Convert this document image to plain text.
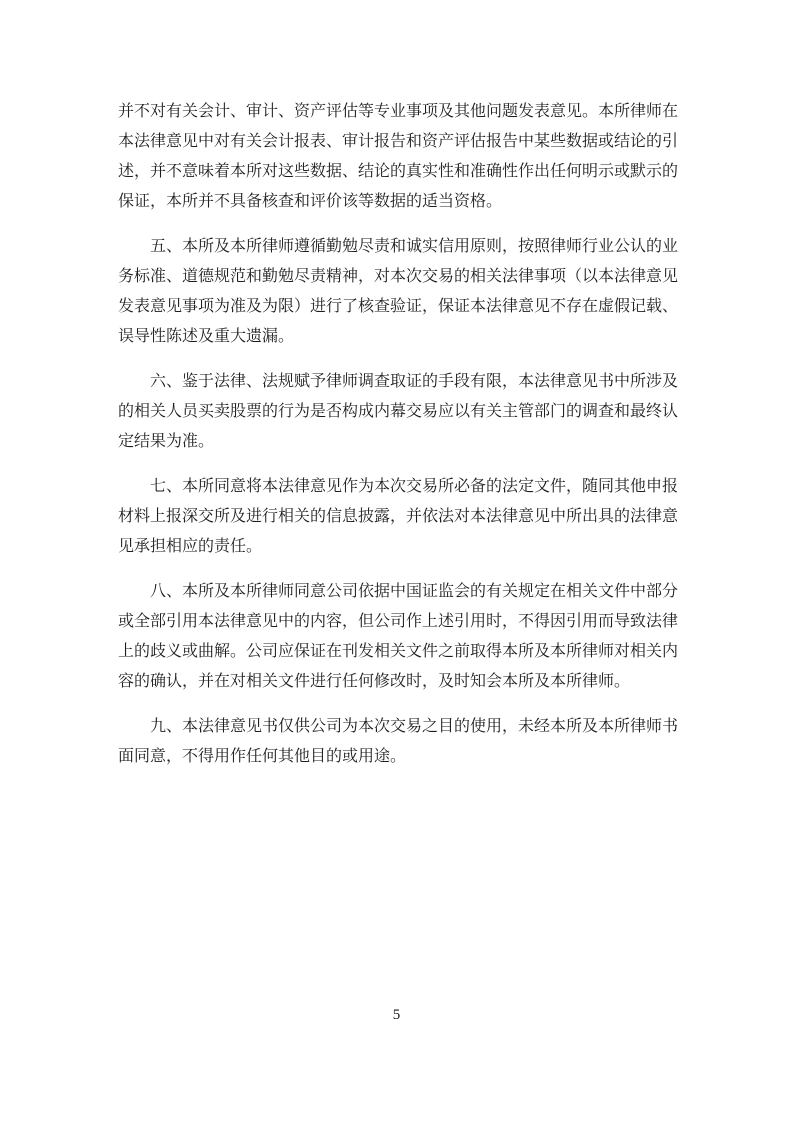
并不对有关会计、审计、资产评估等专业事项及其他问题发表意见。本所律师在本法律意见中对有关会计报表、审计报告和资产评估报告中某些数据或结论的引述，并不意味着本所对这些数据、结论的真实性和准确性作出任何明示或默示的保证，本所并不具备核查和评价该等数据的适当资格。

五、本所及本所律师遵循勤勉尽责和诚实信用原则，按照律师行业公认的业务标准、道德规范和勤勉尽责精神，对本次交易的相关法律事项（以本法律意见发表意见事项为准及为限）进行了核查验证，保证本法律意见不存在虚假记载、误导性陈述及重大遗漏。

六、鉴于法律、法规赋予律师调查取证的手段有限，本法律意见书中所涉及的相关人员买卖股票的行为是否构成内幕交易应以有关主管部门的调查和最终认定结果为准。

七、本所同意将本法律意见作为本次交易所必备的法定文件，随同其他申报材料上报深交所及进行相关的信息披露，并依法对本法律意见中所出具的法律意见承担相应的责任。

八、本所及本所律师同意公司依据中国证监会的有关规定在相关文件中部分或全部引用本法律意见中的内容，但公司作上述引用时，不得因引用而导致法律上的歧义或曲解。公司应保证在刊发相关文件之前取得本所及本所律师对相关内容的确认，并在对相关文件进行任何修改时，及时知会本所及本所律师。

九、本法律意见书仅供公司为本次交易之目的使用，未经本所及本所律师书面同意，不得用作任何其他目的或用途。

5
